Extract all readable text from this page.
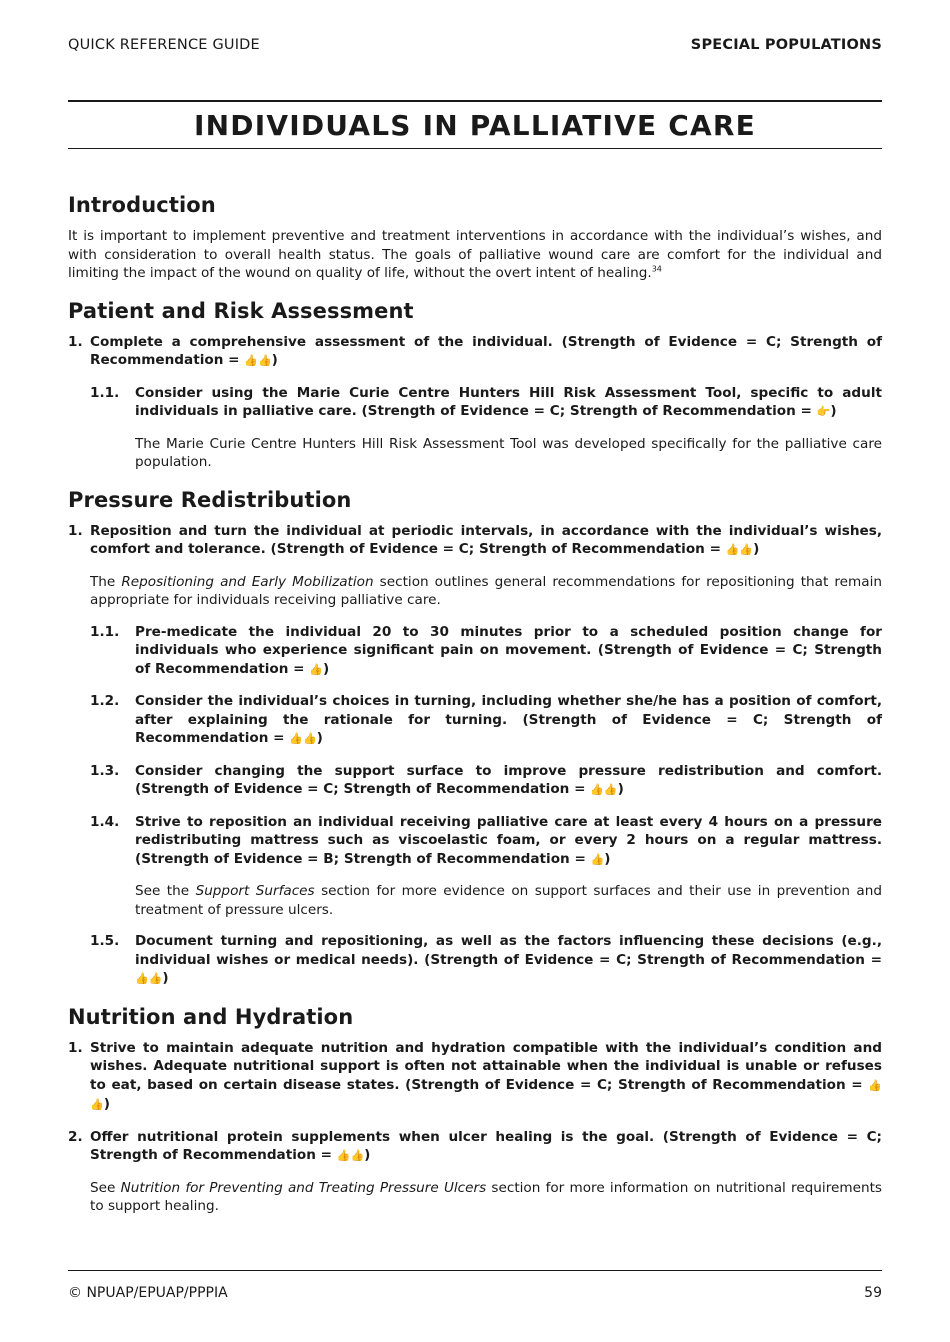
QUICK REFERENCE GUIDE	SPECIAL POPULATIONS
INDIVIDUALS IN PALLIATIVE CARE
Introduction

It is important to implement preventive and treatment interventions in accordance with the individual’s wishes, and with consideration to overall health status. The goals of palliative wound care are comfort for the individual and limiting the impact of the wound on quality of life, without the overt intent of healing.$^{34}$

Patient and Risk Assessment
1. Complete a comprehensive assessment of the individual. (Strength of Evidence = C; Strength of Recommendation = 👍👍)
1.1.	Consider using the Marie Curie Centre Hunters Hill Risk Assessment Tool, specific to adult individuals in palliative care. (Strength of Evidence = C; Strength of Recommendation = 👉)

The Marie Curie Centre Hunters Hill Risk Assessment Tool was developed specifically for the palliative care population.

Pressure Redistribution
1. Reposition and turn the individual at periodic intervals, in accordance with the individual’s wishes, comfort and tolerance. (Strength of Evidence = C; Strength of Recommendation = 👍👍)

The Repositioning and Early Mobilization section outlines general recommendations for repositioning that remain appropriate for individuals receiving palliative care.

1.1.	Pre-medicate the individual 20 to 30 minutes prior to a scheduled position change for individuals who experience significant pain on movement. (Strength of Evidence = C; Strength of Recommendation = 👍)
1.2.	Consider the individual’s choices in turning, including whether she/he has a position of comfort, after explaining the rationale for turning. (Strength of Evidence = C; Strength of Recommendation = 👍👍)
1.3.	Consider changing the support surface to improve pressure redistribution and comfort. (Strength of Evidence = C; Strength of Recommendation = 👍👍)
1.4.	Strive to reposition an individual receiving palliative care at least every 4 hours on a pressure redistributing mattress such as viscoelastic foam, or every 2 hours on a regular mattress. (Strength of Evidence = B; Strength of Recommendation = 👍)

See the Support Surfaces section for more evidence on support surfaces and their use in prevention and treatment of pressure ulcers.

1.5.	Document turning and repositioning, as well as the factors influencing these decisions (e.g., individual wishes or medical needs). (Strength of Evidence = C; Strength of Recommendation = 👍👍)
Nutrition and Hydration
1. Strive to maintain adequate nutrition and hydration compatible with the individual’s condition and wishes. Adequate nutritional support is often not attainable when the individual is unable or refuses to eat, based on certain disease states. (Strength of Evidence = C; Strength of Recommendation = 👍👍)
2. Offer nutritional protein supplements when ulcer healing is the goal. (Strength of Evidence = C; Strength of Recommendation = 👍👍)

See Nutrition for Preventing and Treating Pressure Ulcers section for more information on nutritional requirements to support healing.

© NPUAP/EPUAP/PPPIA	59
